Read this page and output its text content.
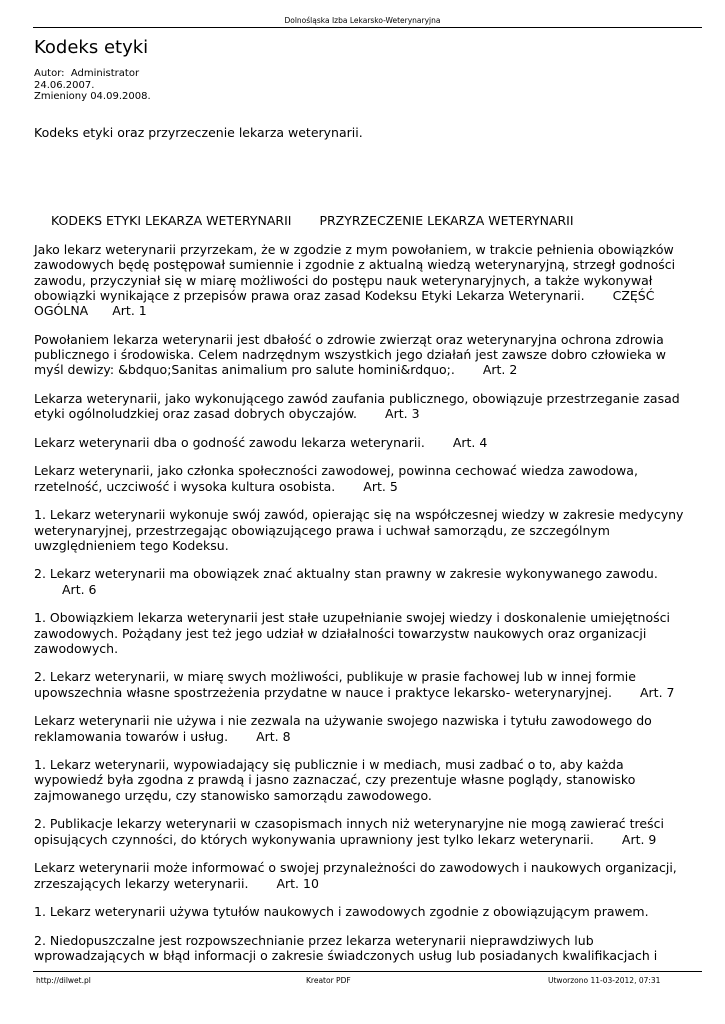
Dolnośląska Izba Lekarsko-Weterynaryjna
Kodeks etyki
Autor:  Administrator
24.06.2007.
Zmieniony 04.09.2008.
Kodeks etyki oraz przyrzeczenie lekarza weterynarii.

KODEKS ETYKI LEKARZA WETERYNARII PRZYRZECZENIE LEKARZA WETERYNARII

Jako lekarz weterynarii przyrzekam, że w zgodzie z mym powołaniem, w trakcie pełnienia obowiązków zawodowych będę postępował sumiennie i zgodnie z aktualną wiedzą weterynaryjną, strzegł godności zawodu, przyczyniał się w miarę możliwości do postępu nauk weterynaryjnych, a także wykonywał obowiązki wynikające z przepisów prawa oraz zasad Kodeksu Etyki Lekarza Weterynarii. CZĘŚĆ OGÓLNA Art. 1

Powołaniem lekarza weterynarii jest dbałość o zdrowie zwierząt oraz weterynaryjna ochrona zdrowia publicznego i środowiska. Celem nadrzędnym wszystkich jego działań jest zawsze dobro człowieka w myśl dewizy: &bdquo;Sanitas animalium pro salute homini&rdquo;. Art. 2

Lekarza weterynarii, jako wykonującego zawód zaufania publicznego, obowiązuje przestrzeganie zasad etyki ogólnoludzkiej oraz zasad dobrych obyczajów. Art. 3

Lekarz weterynarii dba o godność zawodu lekarza weterynarii. Art. 4

Lekarz weterynarii, jako członka społeczności zawodowej, powinna cechować wiedza zawodowa, rzetelność, uczciwość i wysoka kultura osobista. Art. 5

1. Lekarz weterynarii wykonuje swój zawód, opierając się na współczesnej wiedzy w zakresie medycyny weterynaryjnej, przestrzegając obowiązującego prawa i uchwał samorządu, ze szczególnym uwzględnieniem tego Kodeksu.

2. Lekarz weterynarii ma obowiązek znać aktualny stan prawny w zakresie wykonywanego zawodu.Art. 6

1. Obowiązkiem lekarza weterynarii jest stałe uzupełnianie swojej wiedzy i doskonalenie umiejętności zawodowych. Pożądany jest też jego udział w działalności towarzystw naukowych oraz organizacji zawodowych.

2. Lekarz weterynarii, w miarę swych możliwości, publikuje w prasie fachowej lub w innej formie upowszechnia własne spostrzeżenia przydatne w nauce i praktyce lekarsko- weterynaryjnej. Art. 7

Lekarz weterynarii nie używa i nie zezwala na używanie swojego nazwiska i tytułu zawodowego do reklamowania towarów i usług. Art. 8

1. Lekarz weterynarii, wypowiadający się publicznie i w mediach, musi zadbać o to, aby każda wypowiedź była zgodna z prawdą i jasno zaznaczać, czy prezentuje własne poglądy, stanowisko zajmowanego urzędu, czy stanowisko samorządu zawodowego.

2. Publikacje lekarzy weterynarii w czasopismach innych niż weterynaryjne nie mogą zawierać treści opisujących czynności, do których wykonywania uprawniony jest tylko lekarz weterynarii. Art. 9

Lekarz weterynarii może informować o swojej przynależności do zawodowych i naukowych organizacji, zrzeszających lekarzy weterynarii. Art. 10

1. Lekarz weterynarii używa tytułów naukowych i zawodowych zgodnie z obowiązującym prawem.

2. Niedopuszczalne jest rozpowszechnianie przez lekarza weterynarii nieprawdziwych lub wprowadzających w błąd informacji o zakresie świadczonych usług lub posiadanych kwalifikacjach i

http://dilwet.pl	Kreator PDF	Utworzono 11-03-2012, 07:31
